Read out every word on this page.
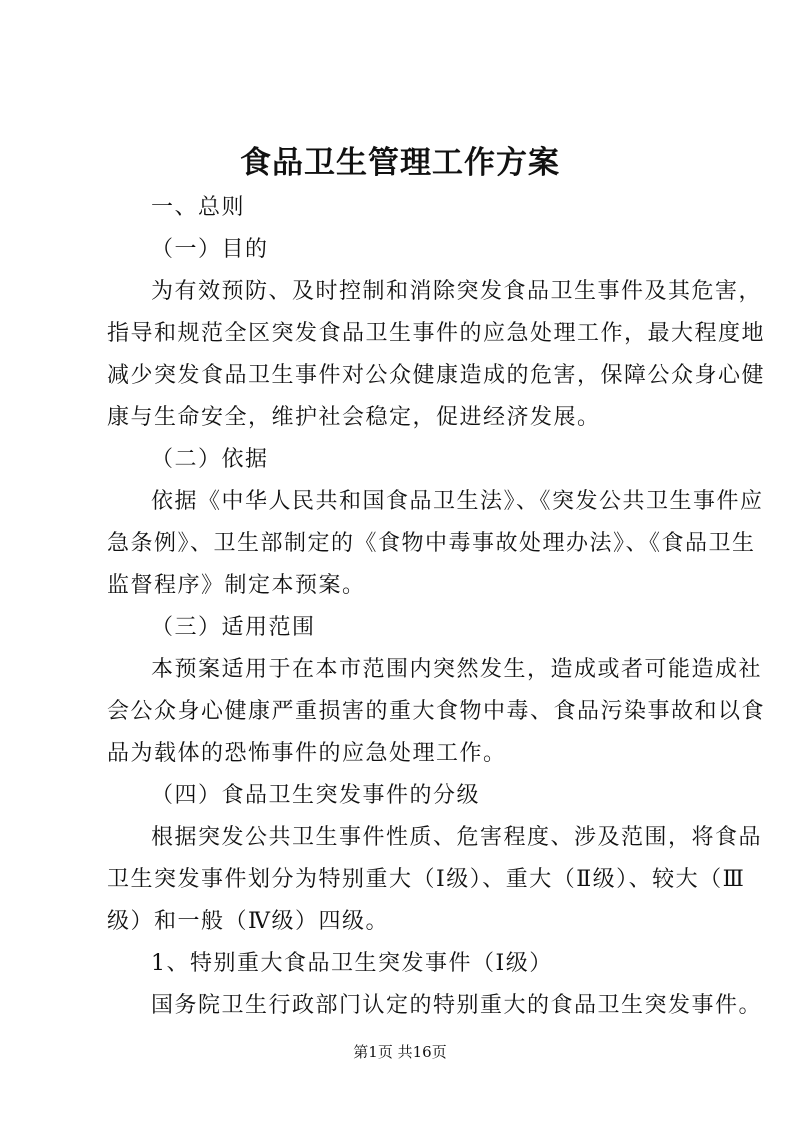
食品卫生管理工作方案
一、总则
（一）目的
为有效预防、及时控制和消除突发食品卫生事件及其危害，
指导和规范全区突发食品卫生事件的应急处理工作，最大程度地
减少突发食品卫生事件对公众健康造成的危害，保障公众身心健
康与生命安全，维护社会稳定，促进经济发展。
（二）依据
依据《中华人民共和国食品卫生法》、《突发公共卫生事件应
急条例》、卫生部制定的《食物中毒事故处理办法》、《食品卫生
监督程序》制定本预案。
（三）适用范围
本预案适用于在本市范围内突然发生，造成或者可能造成社
会公众身心健康严重损害的重大食物中毒、食品污染事故和以食
品为载体的恐怖事件的应急处理工作。
（四）食品卫生突发事件的分级
根据突发公共卫生事件性质、危害程度、涉及范围，将食品
卫生突发事件划分为特别重大（Ⅰ级）、重大（Ⅱ级）、较大（Ⅲ
级）和一般（Ⅳ级）四级。
1、特别重大食品卫生突发事件（Ⅰ级）
国务院卫生行政部门认定的特别重大的食品卫生突发事件。
第1页 共16页
